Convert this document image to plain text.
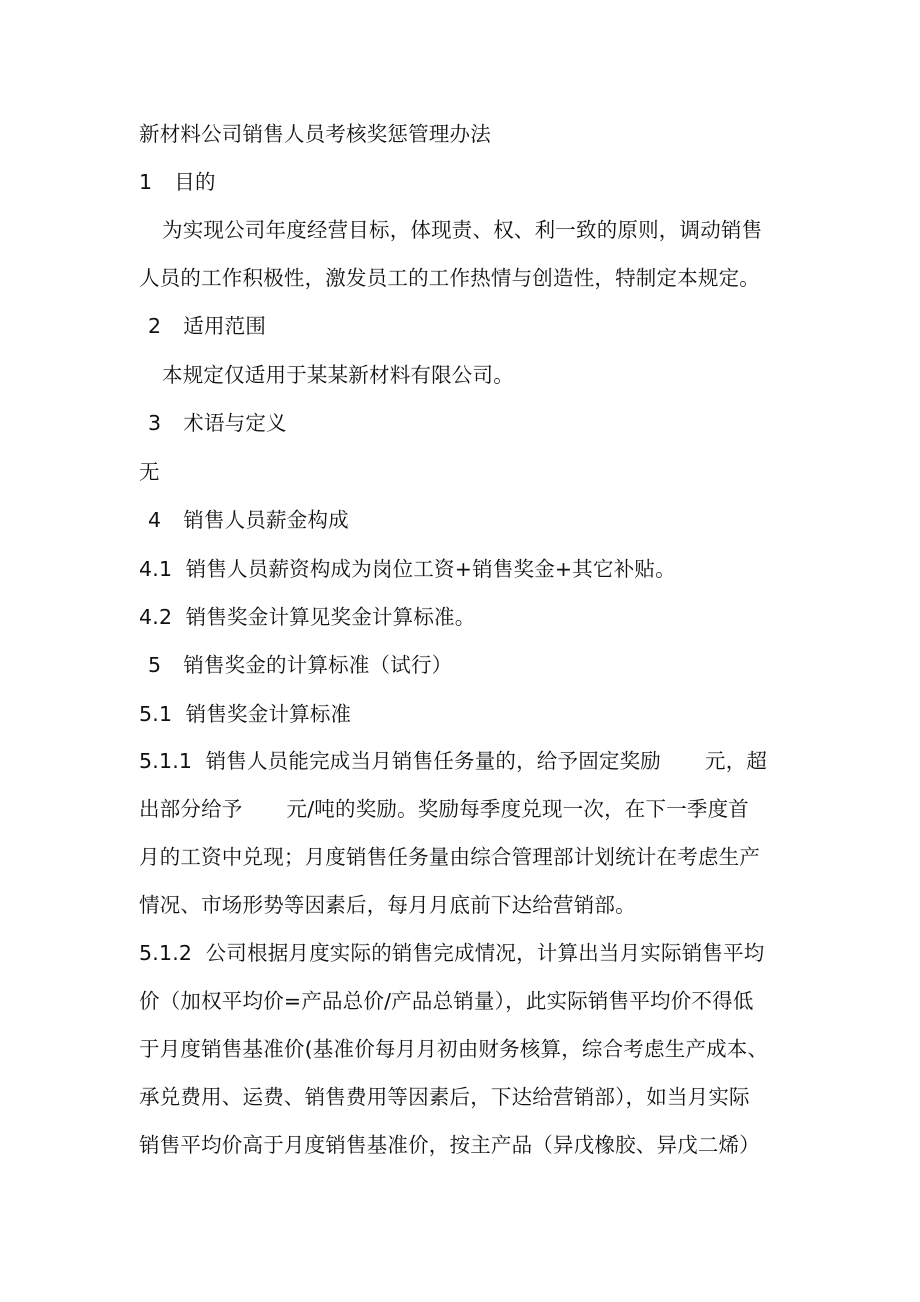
新材料公司销售人员考核奖惩管理办法
1 目的
为实现公司年度经营目标，体现责、权、利一致的原则，调动销售
人员的工作积极性，激发员工的工作热情与创造性，特制定本规定。
2 适用范围
本规定仅适用于某某新材料有限公司。
3 术语与定义
无
4 销售人员薪金构成
4.1 销售人员薪资构成为岗位工资+销售奖金+其它补贴。
4.2 销售奖金计算见奖金计算标准。
5 销售奖金的计算标准（试行）
5.1 销售奖金计算标准
5.1.1 销售人员能完成当月销售任务量的，给予固定奖励 元，超
出部分给予 元/吨的奖励。奖励每季度兑现一次，在下一季度首
月的工资中兑现；月度销售任务量由综合管理部计划统计在考虑生产
情况、市场形势等因素后，每月月底前下达给营销部。
5.1.2 公司根据月度实际的销售完成情况，计算出当月实际销售平均
价（加权平均价=产品总价/产品总销量），此实际销售平均价不得低
于月度销售基准价(基准价每月月初由财务核算，综合考虑生产成本、
承兑费用、运费、销售费用等因素后，下达给营销部），如当月实际
销售平均价高于月度销售基准价，按主产品（异戊橡胶、异戊二烯）
